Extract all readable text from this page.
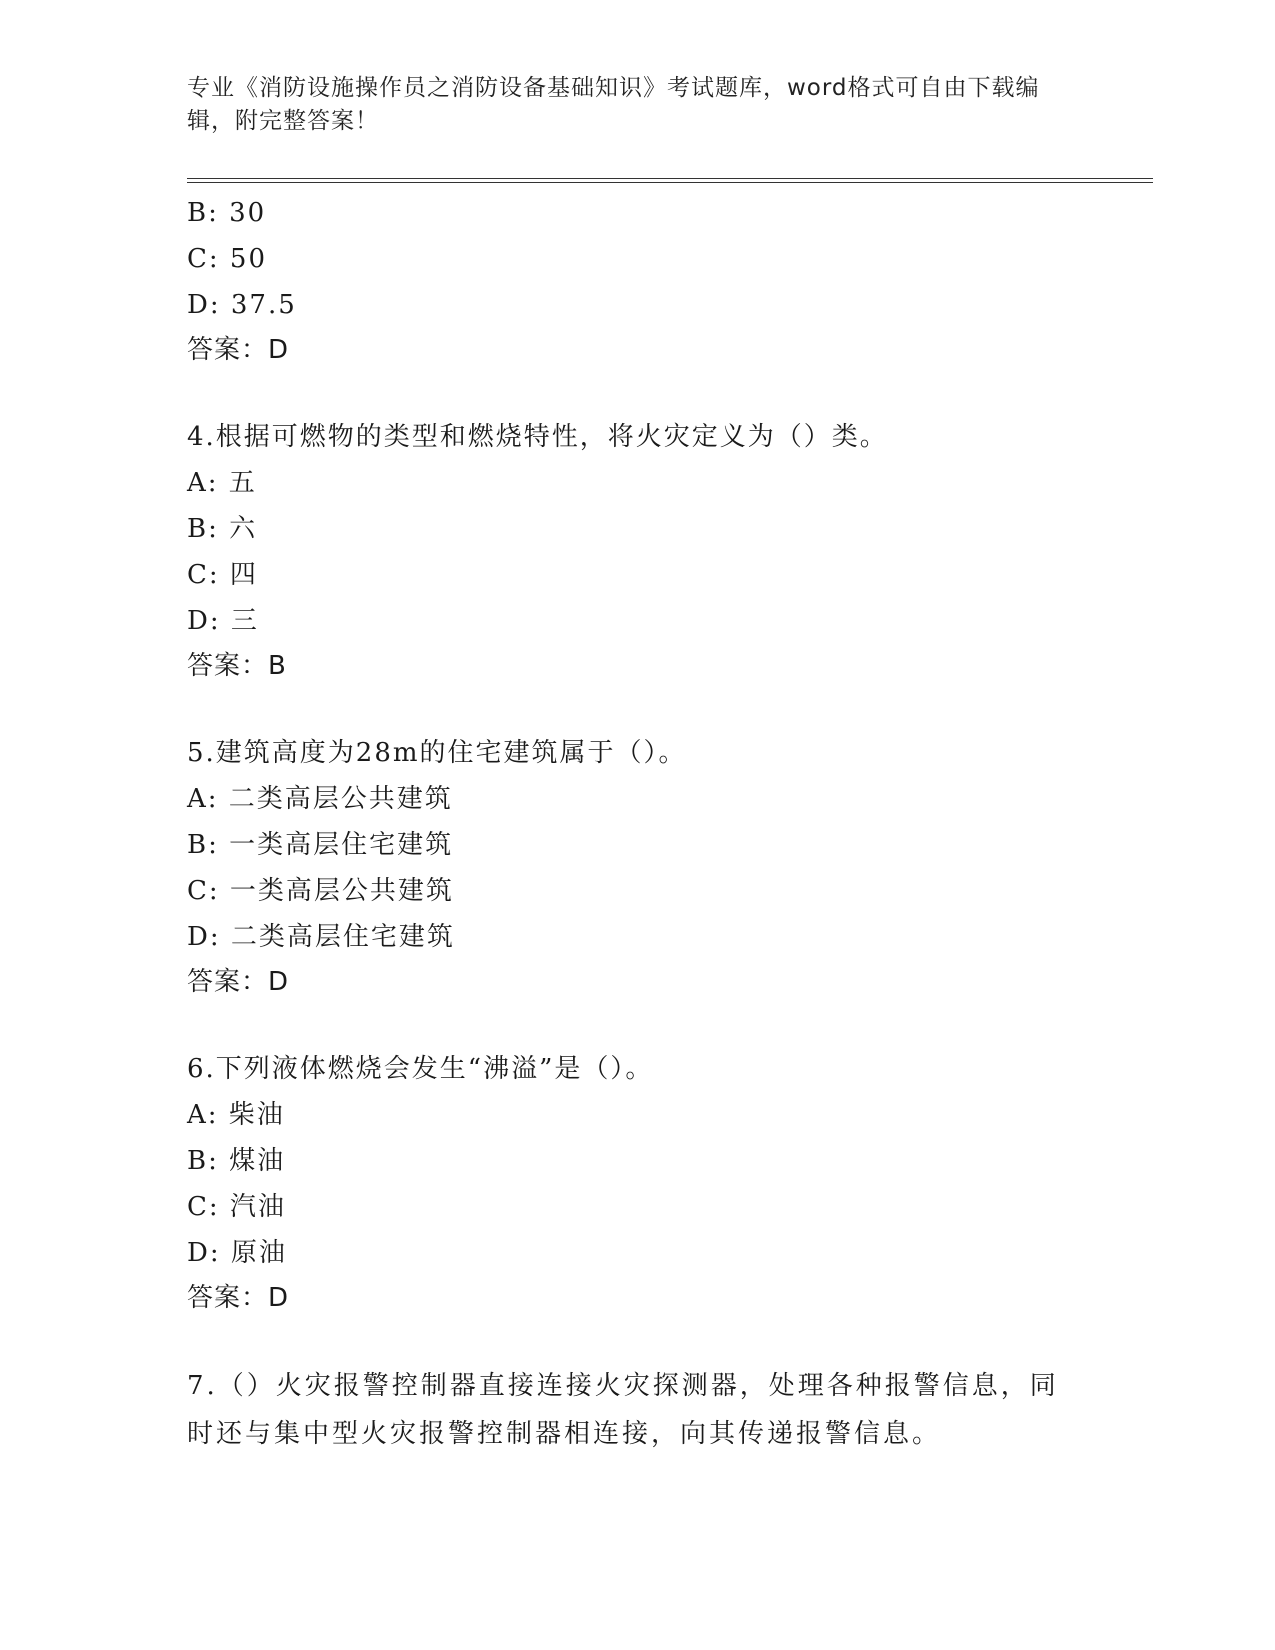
专业《消防设施操作员之消防设备基础知识》考试题库，word格式可自由下载编辑，附完整答案！
B: 30
C: 50
D: 37.5
答案：D
4.根据可燃物的类型和燃烧特性，将火灾定义为（）类。
A: 五
B: 六
C: 四
D: 三
答案：B
5.建筑高度为28m的住宅建筑属于（）。
A: 二类高层公共建筑
B: 一类高层住宅建筑
C: 一类高层公共建筑
D: 二类高层住宅建筑
答案：D
6.下列液体燃烧会发生“沸溢”是（）。
A: 柴油
B: 煤油
C: 汽油
D: 原油
答案：D
7.（）火灾报警控制器直接连接火灾探测器，处理各种报警信息，同时还与集中型火灾报警控制器相连接，向其传递报警信息。
